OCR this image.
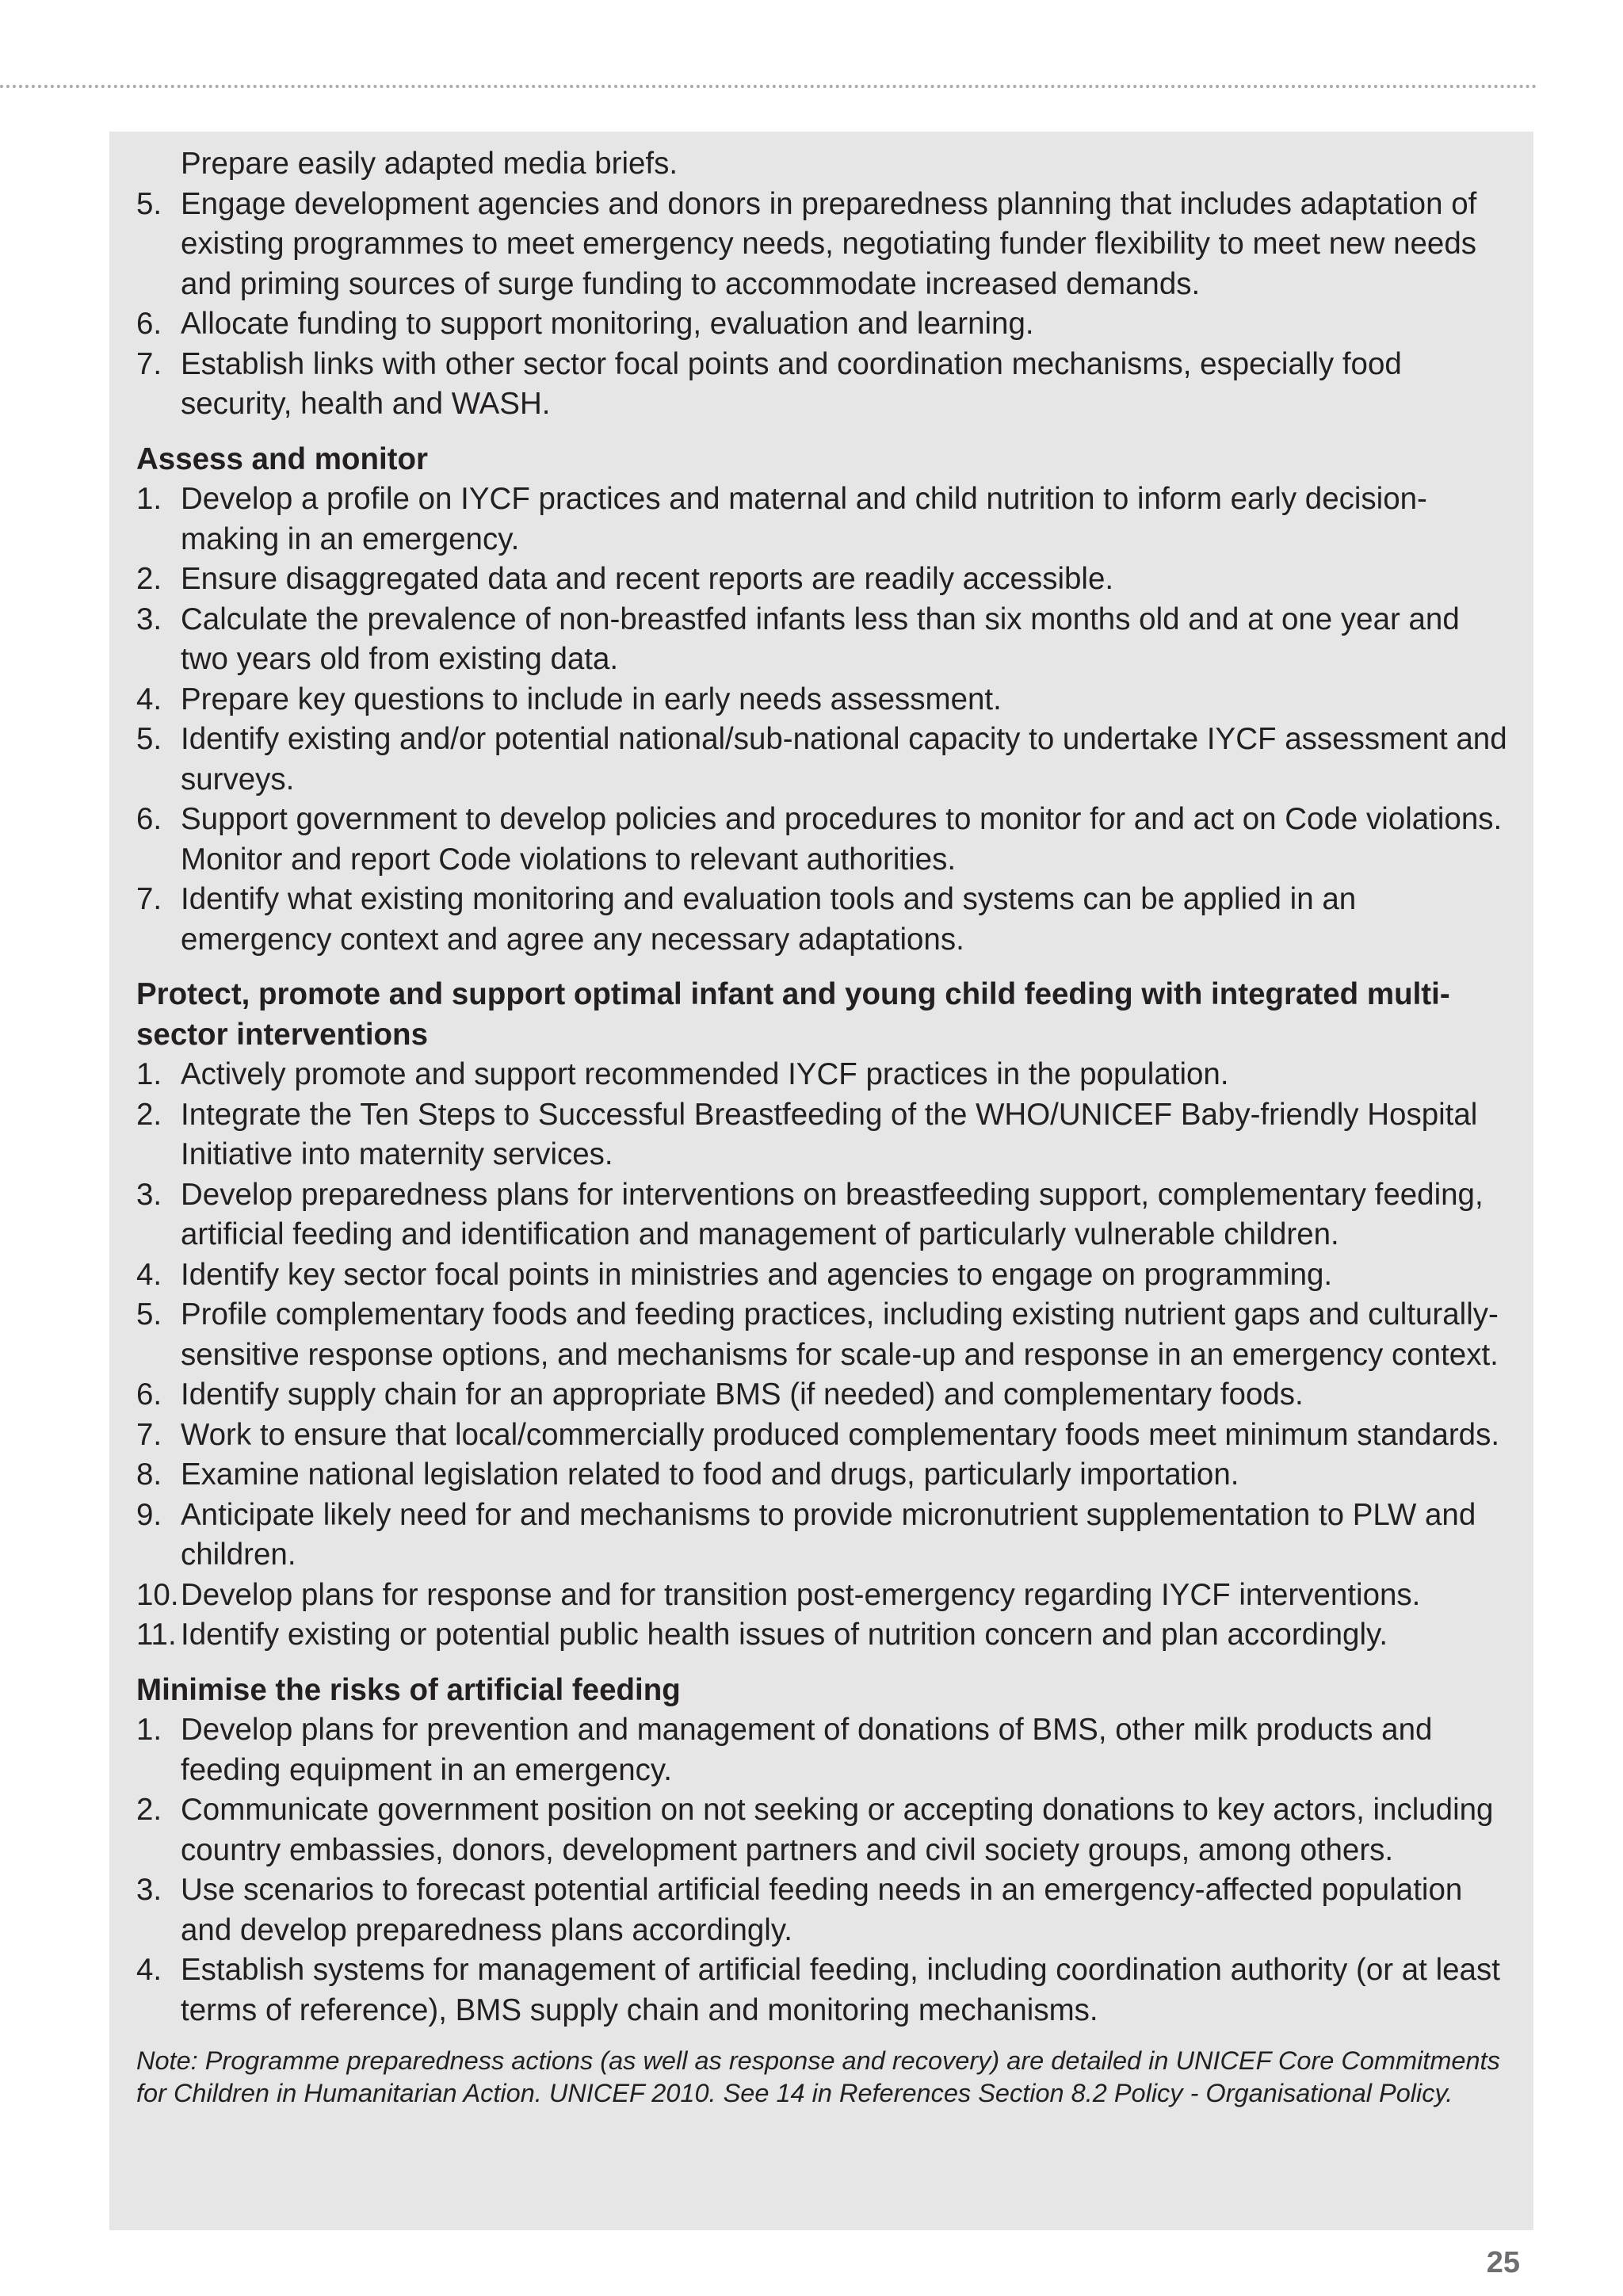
Prepare easily adapted media briefs.

5. Engage development agencies and donors in preparedness planning that includes adaptation of existing programmes to meet emergency needs, negotiating funder flexibility to meet new needs and priming sources of surge funding to accommodate increased demands.
6. Allocate funding to support monitoring, evaluation and learning.
7. Establish links with other sector focal points and coordination mechanisms, especially food security, health and WASH.
Assess and monitor
1. Develop a profile on IYCF practices and maternal and child nutrition to inform early decision-making in an emergency.
2. Ensure disaggregated data and recent reports are readily accessible.
3. Calculate the prevalence of non-breastfed infants less than six months old and at one year and two years old from existing data.
4. Prepare key questions to include in early needs assessment.
5. Identify existing and/or potential national/sub-national capacity to undertake IYCF assessment and surveys.
6. Support government to develop policies and procedures to monitor for and act on Code violations. Monitor and report Code violations to relevant authorities.
7. Identify what existing monitoring and evaluation tools and systems can be applied in an emergency context and agree any necessary adaptations.
Protect, promote and support optimal infant and young child feeding with integrated multi-sector interventions
1. Actively promote and support recommended IYCF practices in the population.
2. Integrate the Ten Steps to Successful Breastfeeding of the WHO/UNICEF Baby-friendly Hospital Initiative into maternity services.
3. Develop preparedness plans for interventions on breastfeeding support, complementary feeding, artificial feeding and identification and management of particularly vulnerable children.
4. Identify key sector focal points in ministries and agencies to engage on programming.
5. Profile complementary foods and feeding practices, including existing nutrient gaps and culturally-sensitive response options, and mechanisms for scale-up and response in an emergency context.
6. Identify supply chain for an appropriate BMS (if needed) and complementary foods.
7. Work to ensure that local/commercially produced complementary foods meet minimum standards.
8. Examine national legislation related to food and drugs, particularly importation.
9. Anticipate likely need for and mechanisms to provide micronutrient supplementation to PLW and children.
10. Develop plans for response and for transition post-emergency regarding IYCF interventions.
11. Identify existing or potential public health issues of nutrition concern and plan accordingly.
Minimise the risks of artificial feeding
1. Develop plans for prevention and management of donations of BMS, other milk products and feeding equipment in an emergency.
2. Communicate government position on not seeking or accepting donations to key actors, including country embassies, donors, development partners and civil society groups, among others.
3. Use scenarios to forecast potential artificial feeding needs in an emergency-affected population and develop preparedness plans accordingly.
4. Establish systems for management of artificial feeding, including coordination authority (or at least terms of reference), BMS supply chain and monitoring mechanisms.
Note: Programme preparedness actions (as well as response and recovery) are detailed in UNICEF Core Commitments for Children in Humanitarian Action. UNICEF 2010. See 14 in References Section 8.2 Policy - Organisational Policy.
25
